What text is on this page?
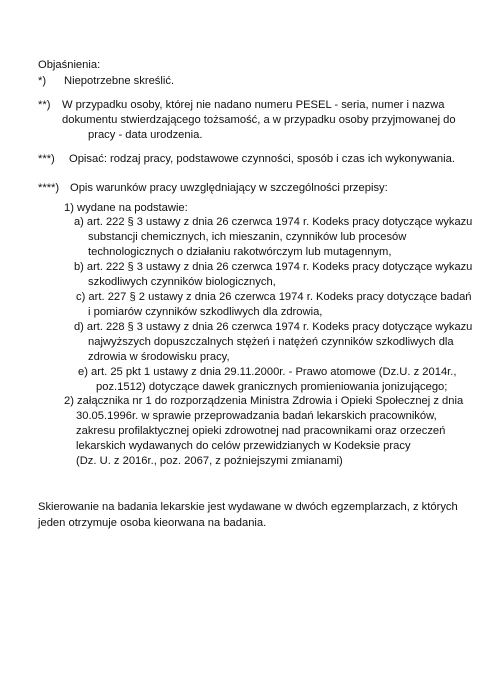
Objaśnienia:
*) Niepotrzebne skreślić.
**) W przypadku osoby, której nie nadano numeru PESEL - seria, numer i nazwa
dokumentu stwierdzającego tożsamość, a w przypadku osoby przyjmowanej do
pracy - data urodzenia.
***) Opisać: rodzaj pracy, podstawowe czynności, sposób i czas ich wykonywania.
****) Opis warunków pracy uwzględniający w szczególności przepisy:
1) wydane na podstawie:
a) art. 222 § 3 ustawy z dnia 26 czerwca 1974 r. Kodeks pracy dotyczące wykazu
substancji chemicznych, ich mieszanin, czynników lub procesów
technologicznych o działaniu rakotwórczym lub mutagennym,
b) art. 222 § 3 ustawy z dnia 26 czerwca 1974 r. Kodeks pracy dotyczące wykazu
szkodliwych czynników biologicznych,
c) art. 227 § 2 ustawy z dnia 26 czerwca 1974 r. Kodeks pracy dotyczące badań
i pomiarów czynników szkodliwych dla zdrowia,
d) art. 228 § 3 ustawy z dnia 26 czerwca 1974 r. Kodeks pracy dotyczące wykazu
najwyższych dopuszczalnych stężeń i natężeń czynników szkodliwych dla
zdrowia w środowisku pracy,
e) art. 25 pkt 1 ustawy z dnia 29.11.2000r. - Prawo atomowe (Dz.U. z 2014r.,
poz.1512) dotyczące dawek granicznych promieniowania jonizującego;
2) załącznika nr 1 do rozporządzenia Ministra Zdrowia i Opieki Społecznej z dnia
30.05.1996r. w sprawie przeprowadzania badań lekarskich pracowników,
zakresu profilaktycznej opieki zdrowotnej nad pracownikami oraz orzeczeń
lekarskich wydawanych do celów przewidzianych w Kodeksie pracy
(Dz. U. z 2016r., poz. 2067, z poźniejszymi zmianami)
Skierowanie na badania lekarskie jest wydawane w dwóch egzemplarzach, z których
jeden otrzymuje osoba kieorwana na badania.
